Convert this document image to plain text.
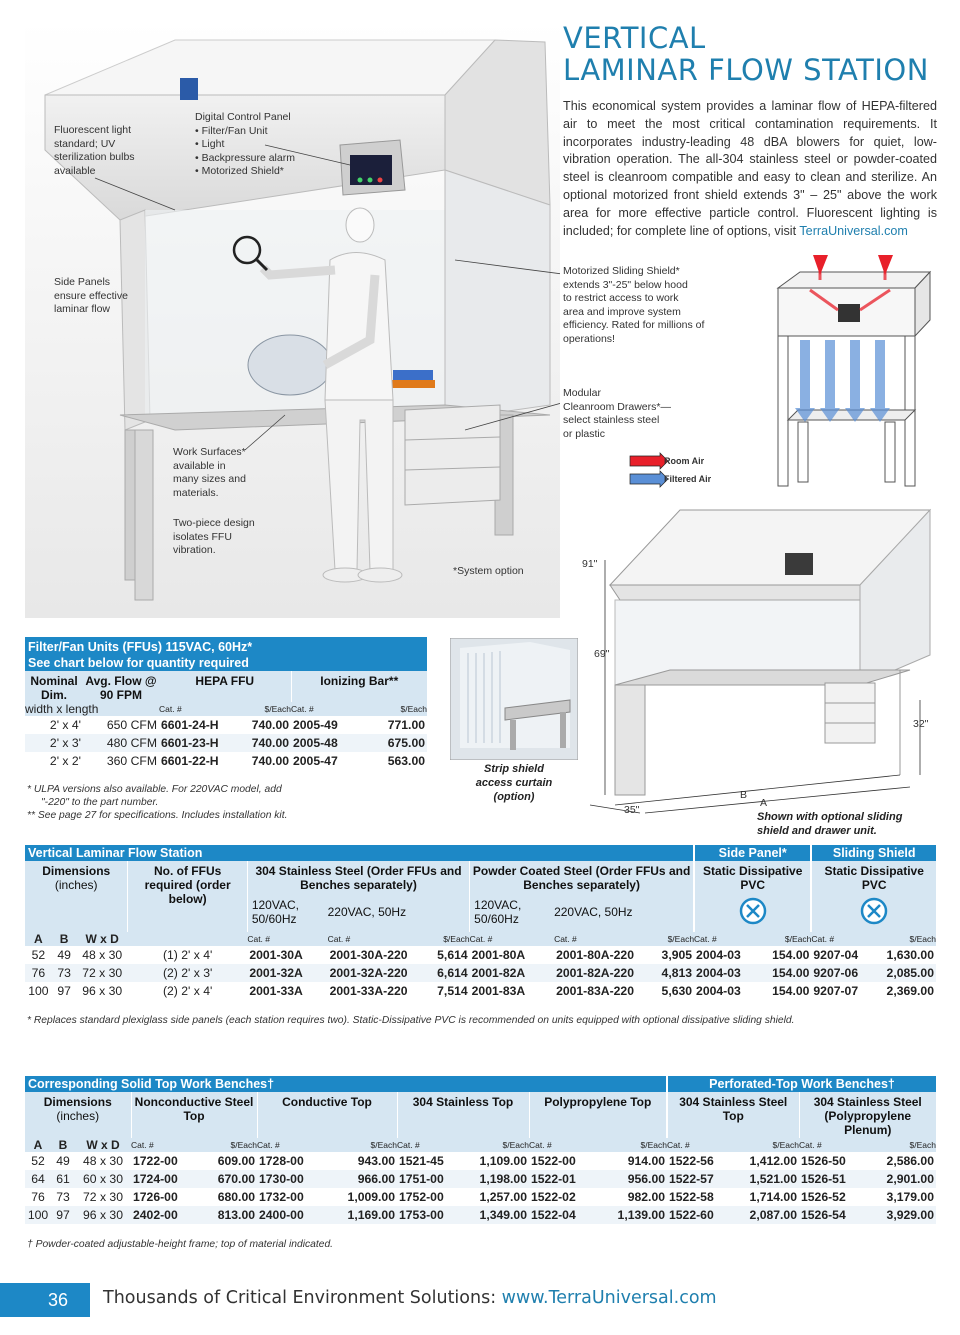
VERTICAL
LAMINAR FLOW STATION
This economical system provides a laminar flow of HEPA-filtered air to meet the most critical contamination requirements. It incorporates industry-leading 48 dBA blowers for quiet, low-vibration operation. The all-304 stainless steel or powder-coated steel is cleanroom compatible and easy to clean and sterilize. An optional motorized front shield extends 3" – 25" above the work area for more effective particle control. Fluorescent lighting is included; for complete line of options, visit TerraUniversal.com
Fluorescent light
standard; UV
sterilization bulbs
available
Digital Control Panel
• Filter/Fan Unit
• Light
• Backpressure alarm
• Motorized Shield*
Side Panels
ensure effective
laminar flow
Work Surfaces*
available in
many sizes and
materials.
Two-piece design
isolates FFU
vibration.
*System option
Motorized Sliding Shield*
extends 3"-25" below hood
to restrict access to work
area and improve system
efficiency. Rated for millions of
operations!
Modular
Cleanroom Drawers*—
select stainless steel
or plastic
Room Air
Filtered Air
91"
69"
32"
35"
B
A
Strip shield
access curtain
(option)
Shown with optional sliding
shield and drawer unit.
Filter/Fan Units (FFUs) 115VAC, 60Hz*
See chart below for quantity required					

Nominal Dim.	Avg. Flow @ 90 FPM	HEPA FFU		Ionizing Bar**	
width x length		Cat. #	$/Each	Cat. #	$/Each
2' x 4'	650 CFM	6601-24-H	740.00	2005-49	771.00
2' x 3'	480 CFM	6601-23-H	740.00	2005-48	675.00
2' x 2'	360 CFM	6601-22-H	740.00	2005-47	563.00
* ULPA versions also available. For 220VAC model, add
"-220" to the part number.
** See page 27 for specifications. Includes installation kit.
Vertical Laminar Flow Station										Side Panel*		Sliding Shield	

Dimensions
(inches)			No. of FFUs required (order below)	304 Stainless Steel (Order FFUs and Benches separately)			Powder Coated Steel (Order FFUs and Benches separately)			Static Dissipative PVC		Static Dissipative PVC	
				120VAC, 50/60Hz	220VAC, 50Hz		120VAC, 50/60Hz	220VAC, 50Hz		
A	B	W x D		Cat. #	Cat. #	$/Each	Cat. #	Cat. #	$/Each	Cat. #	$/Each	Cat. #	$/Each
52	49	48 x 30	(1) 2' x 4'	2001-30A	2001-30A-220	5,614	2001-80A	2001-80A-220	3,905	2004-03	154.00	9207-04	1,630.00
76	73	72 x 30	(2) 2' x 3'	2001-32A	2001-32A-220	6,614	2001-82A	2001-82A-220	4,813	2004-03	154.00	9207-06	2,085.00
100	97	96 x 30	(2) 2' x 4'	2001-33A	2001-33A-220	7,514	2001-83A	2001-83A-220	5,630	2004-03	154.00	9207-07	2,369.00
* Replaces standard plexiglass side panels (each station requires two). Static-Dissipative PVC is recommended on units equipped with optional dissipative sliding shield.
Corresponding Solid Top Work Benches†											Perforated-Top Work Benches†			

Dimensions
(inches)			Nonconductive Steel Top		Conductive Top		304 Stainless Top		Polypropylene Top		304 Stainless Steel Top		304 Stainless Steel (Polypropylene Plenum)	
A	B	W x D	Cat. #	$/Each	Cat. #	$/Each	Cat. #	$/Each	Cat. #	$/Each	Cat. #	$/Each	Cat. #	$/Each
52	49	48 x 30	1722-00	609.00	1728-00	943.00	1521-45	1,109.00	1522-00	914.00	1522-56	1,412.00	1526-50	2,586.00
64	61	60 x 30	1724-00	670.00	1730-00	966.00	1751-00	1,198.00	1522-01	956.00	1522-57	1,521.00	1526-51	2,901.00
76	73	72 x 30	1726-00	680.00	1732-00	1,009.00	1752-00	1,257.00	1522-02	982.00	1522-58	1,714.00	1526-52	3,179.00
100	97	96 x 30	2402-00	813.00	2400-00	1,169.00	1753-00	1,349.00	1522-04	1,139.00	1522-60	2,087.00	1526-54	3,929.00
† Powder-coated adjustable-height frame; top of material indicated.
36	Thousands of Critical Environment Solutions: www.TerraUniversal.com
